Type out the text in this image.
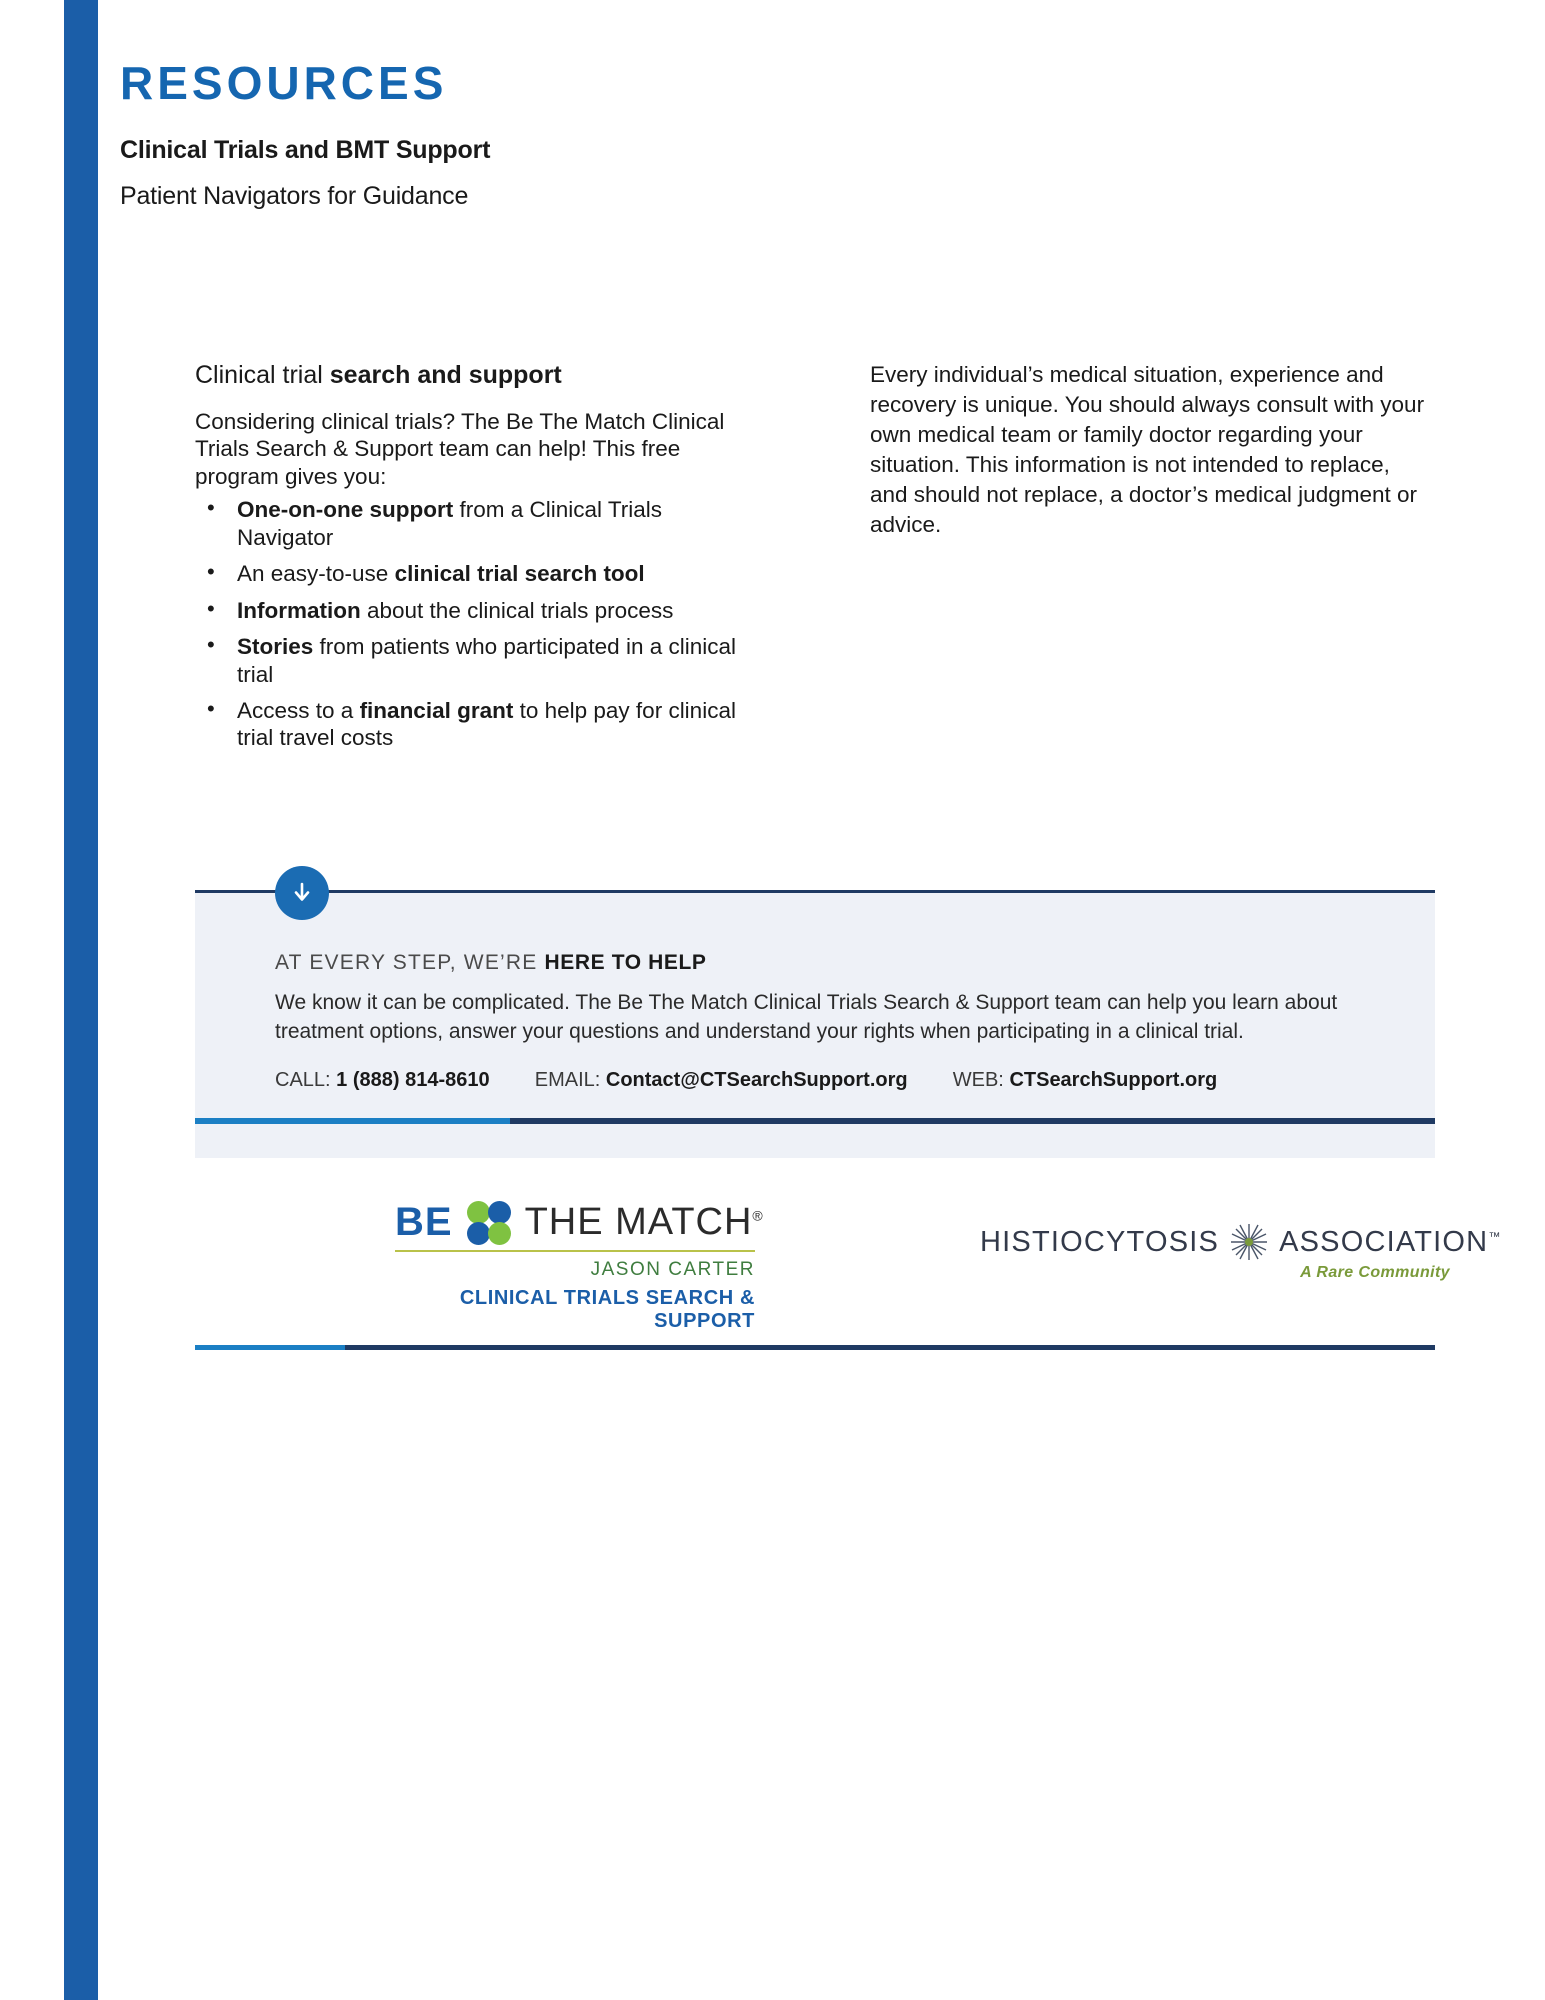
RESOURCES
Clinical Trials and BMT Support
Patient Navigators for Guidance
Clinical trial search and support

Considering clinical trials? The Be The Match Clinical Trials Search & Support team can help! This free program gives you:

• One-on-one support from a Clinical Trials Navigator
• An easy-to-use clinical trial search tool
• Information about the clinical trials process
• Stories from patients who participated in a clinical trial
• Access to a financial grant to help pay for clinical trial travel costs

Every individual’s medical situation, experience and recovery is unique. You should always consult with your own medical team or family doctor regarding your situation. This information is not intended to replace, and should not replace, a doctor’s medical judgment or advice.

AT EVERY STEP, WE’RE HERE TO HELP

We know it can be complicated. The Be The Match Clinical Trials Search & Support team can help you learn about treatment options, answer your questions and understand your rights when participating in a clinical trial.

CALL: 1 (888) 814-8610 EMAIL: Contact@CTSearchSupport.org WEB: CTSearchSupport.org
BE THE MATCH®
JASON CARTER
CLINICAL TRIALS SEARCH & SUPPORT
HISTIOCYTOSIS ASSOCIATION™
A Rare Community
